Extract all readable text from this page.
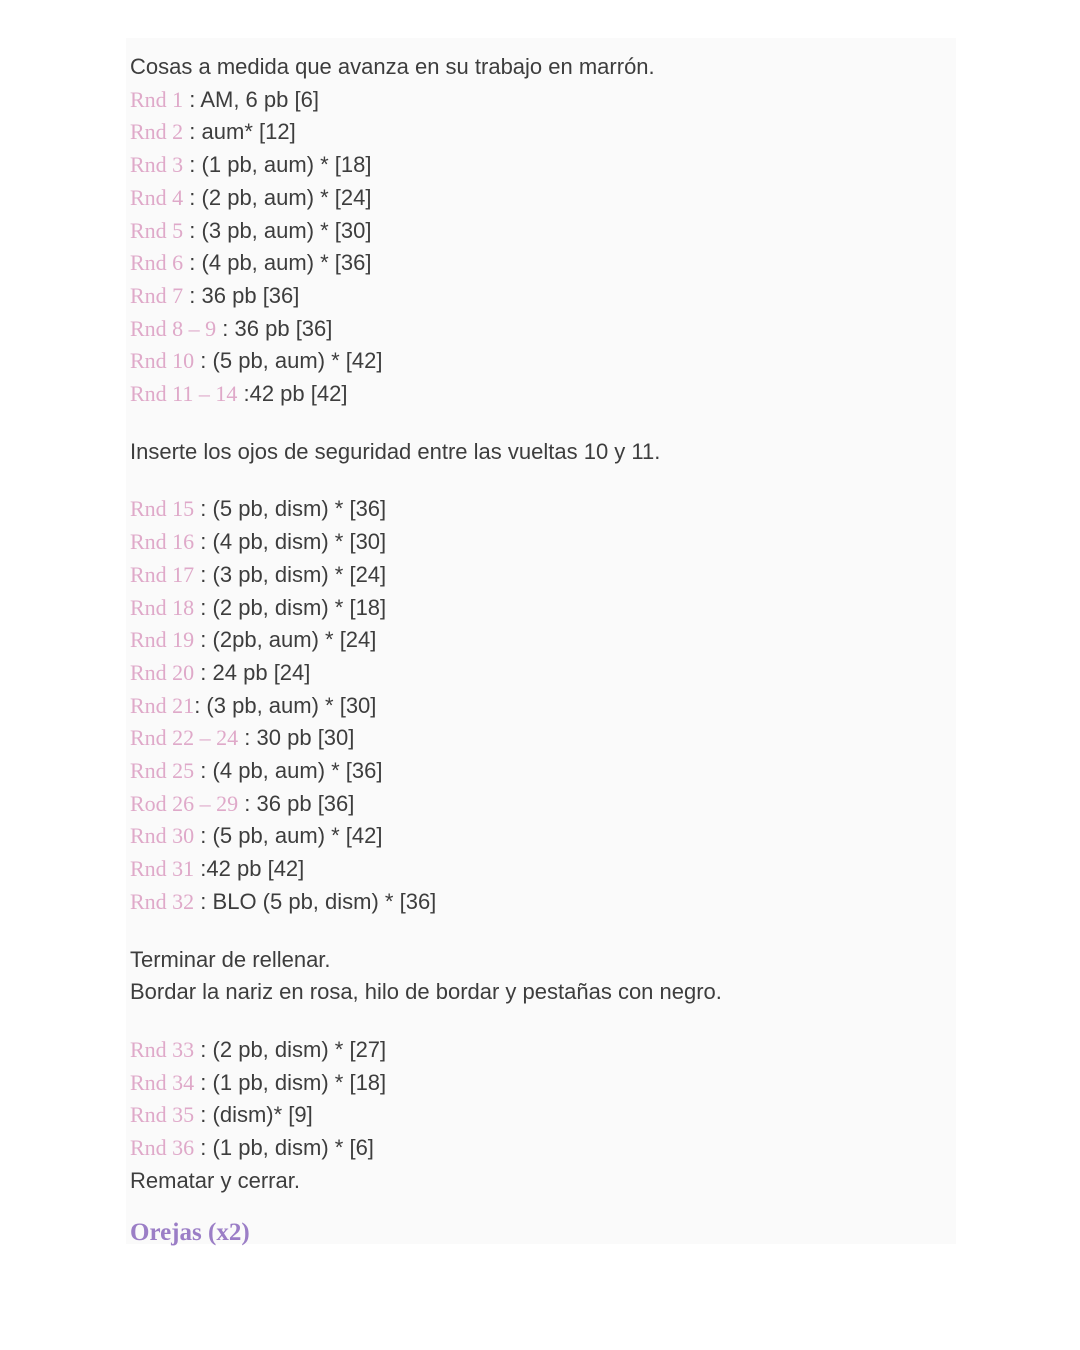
Cosas a medida que avanza en su trabajo en marrón.
Rnd 1 : AM, 6 pb [6]
Rnd 2 : aum* [12]
Rnd 3 : (1 pb, aum) * [18]
Rnd 4 : (2 pb, aum) * [24]
Rnd 5 : (3 pb, aum) * [30]
Rnd 6 : (4 pb, aum) * [36]
Rnd 7 : 36 pb [36]
Rnd 8 – 9 : 36 pb [36]
Rnd 10 : (5 pb, aum) * [42]
Rnd 11 – 14 :42 pb [42]
Inserte los ojos de seguridad entre las vueltas 10 y 11.
Rnd 15 : (5 pb, dism) * [36]
Rnd 16 : (4 pb, dism) * [30]
Rnd 17 : (3 pb, dism) * [24]
Rnd 18 : (2 pb, dism) * [18]
Rnd 19 : (2pb, aum) * [24]
Rnd 20 : 24 pb [24]
Rnd 21: (3 pb, aum) * [30]
Rnd 22 – 24 : 30 pb [30]
Rnd 25 : (4 pb, aum) * [36]
Rod 26 – 29 : 36 pb [36]
Rnd 30 : (5 pb, aum) * [42]
Rnd 31 :42 pb [42]
Rnd 32 : BLO (5 pb, dism) * [36]
Terminar de rellenar.
Bordar la nariz en rosa, hilo de bordar y pestañas con negro.
Rnd 33 : (2 pb, dism) * [27]
Rnd 34 : (1 pb, dism) * [18]
Rnd 35 : (dism)* [9]
Rnd 36 : (1 pb, dism) * [6]
Rematar y cerrar.
Orejas (x2)
